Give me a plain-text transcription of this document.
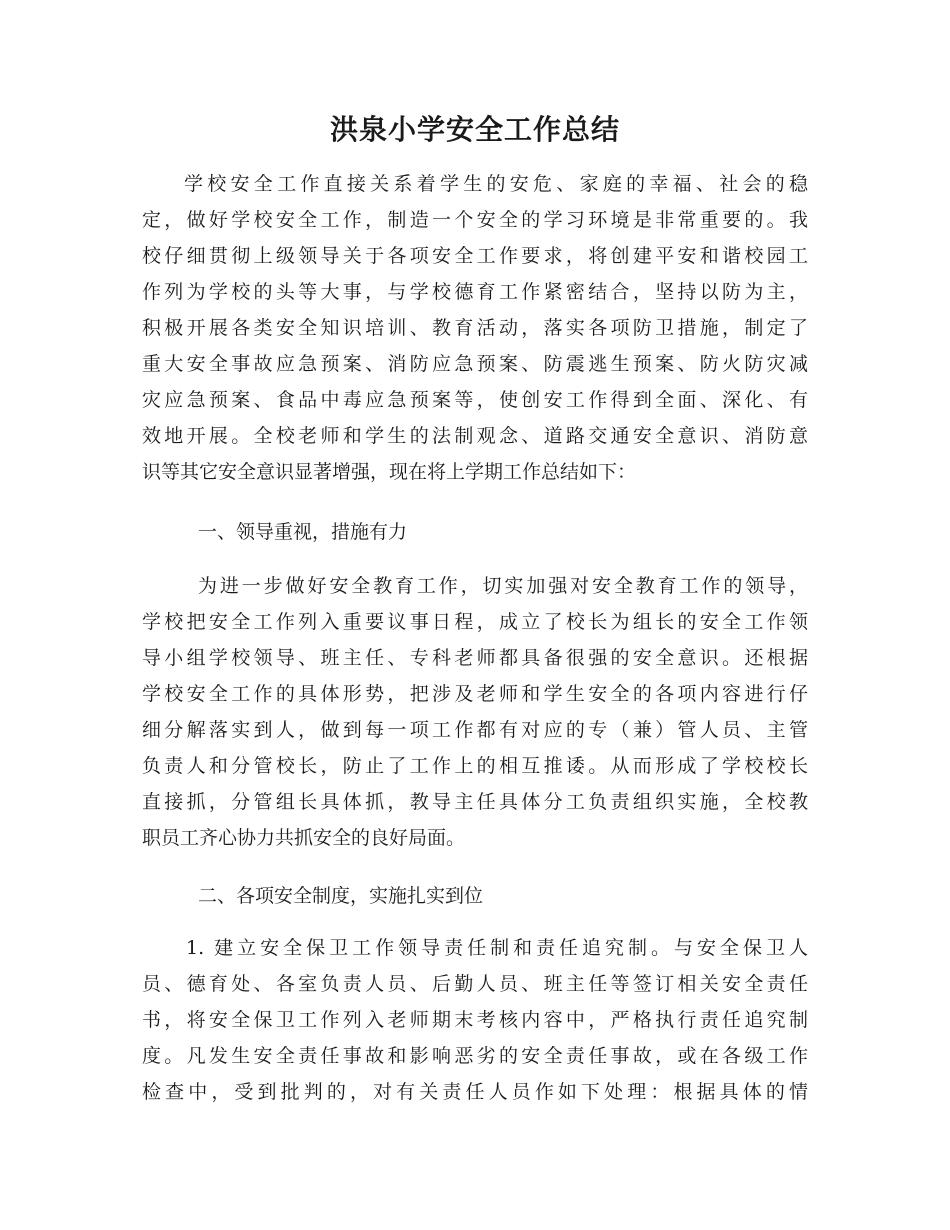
洪泉小学安全工作总结
学校安全工作直接关系着学生的安危、家庭的幸福、社会的稳
定，做好学校安全工作，制造一个安全的学习环境是非常重要的。我
校仔细贯彻上级领导关于各项安全工作要求，将创建平安和谐校园工
作列为学校的头等大事，与学校德育工作紧密结合，坚持以防为主，
积极开展各类安全知识培训、教育活动，落实各项防卫措施，制定了
重大安全事故应急预案、消防应急预案、防震逃生预案、防火防灾减
灾应急预案、食品中毒应急预案等，使创安工作得到全面、深化、有
效地开展。全校老师和学生的法制观念、道路交通安全意识、消防意
识等其它安全意识显著增强，现在将上学期工作总结如下：
一、领导重视，措施有力
为进一步做好安全教育工作，切实加强对安全教育工作的领导，
学校把安全工作列入重要议事日程，成立了校长为组长的安全工作领
导小组学校领导、班主任、专科老师都具备很强的安全意识。还根据
学校安全工作的具体形势，把涉及老师和学生安全的各项内容进行仔
细分解落实到人，做到每一项工作都有对应的专（兼）管人员、主管
负责人和分管校长，防止了工作上的相互推诿。从而形成了学校校长
直接抓，分管组长具体抓，教导主任具体分工负责组织实施，全校教
职员工齐心协力共抓安全的良好局面。
二、各项安全制度，实施扎实到位
1. 建立安全保卫工作领导责任制和责任追究制。与安全保卫人
员、德育处、各室负责人员、后勤人员、班主任等签订相关安全责任
书，将安全保卫工作列入老师期末考核内容中，严格执行责任追究制
度。凡发生安全责任事故和影响恶劣的安全责任事故，或在各级工作
检查中，受到批判的，对有关责任人员作如下处理：根据具体的情
